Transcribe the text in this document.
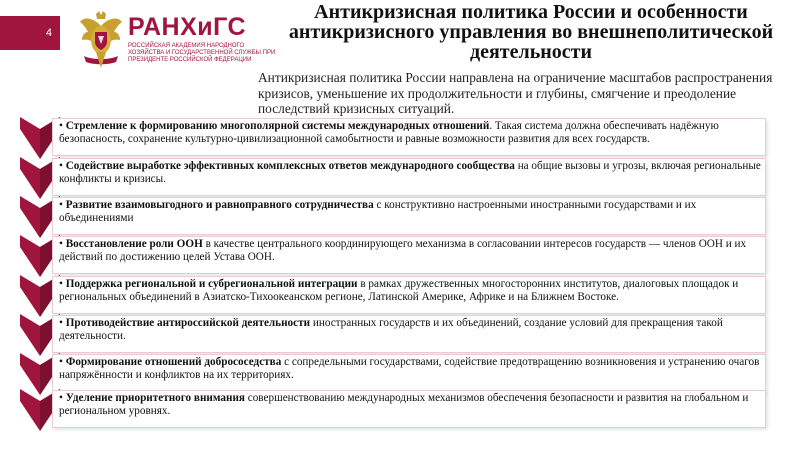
4	РАНХиГС
РОССИЙСКАЯ АКАДЕМИЯ НАРОДНОГО ХОЗЯЙСТВА И ГОСУДАРСТВЕННОЙ СЛУЖБЫ ПРИ ПРЕЗИДЕНТЕ РОССИЙСКОЙ ФЕДЕРАЦИИ
Антикризисная политика России и особенности антикризисного управления во внешнеполитической деятельности

Антикризисная политика России направлена на ограничение масштабов распространения кризисов, уменьшение их продолжительности и глубины, смягчение и преодоление последствий кризисных ситуаций.

• Стремление к формированию многополярной системы международных отношений. Такая система должна обеспечивать надёжную безопасность, сохранение культурно-цивилизационной самобытности и равные возможности развития для всех государств.

• Содействие выработке эффективных комплексных ответов международного сообщества на общие вызовы и угрозы, включая региональные конфликты и кризисы.

• Развитие взаимовыгодного и равноправного сотрудничества с конструктивно настроенными иностранными государствами и их объединениями

• Восстановление роли ООН в качестве центрального координирующего механизма в согласовании интересов государств — членов ООН и их действий по достижению целей Устава ООН.

• Поддержка региональной и субрегиональной интеграции в рамках дружественных многосторонних институтов, диалоговых площадок и региональных объединений в Азиатско-Тихоокеанском регионе, Латинской Америке, Африке и на Ближнем Востоке.

• Противодействие антироссийской деятельности иностранных государств и их объединений, создание условий для прекращения такой деятельности.

• Формирование отношений добрососедства с сопредельными государствами, содействие предотвращению возникновения и устранению очагов напряжённости и конфликтов на их территориях.

• Уделение приоритетного внимания совершенствованию международных механизмов обеспечения безопасности и развития на глобальном и региональном уровнях.
